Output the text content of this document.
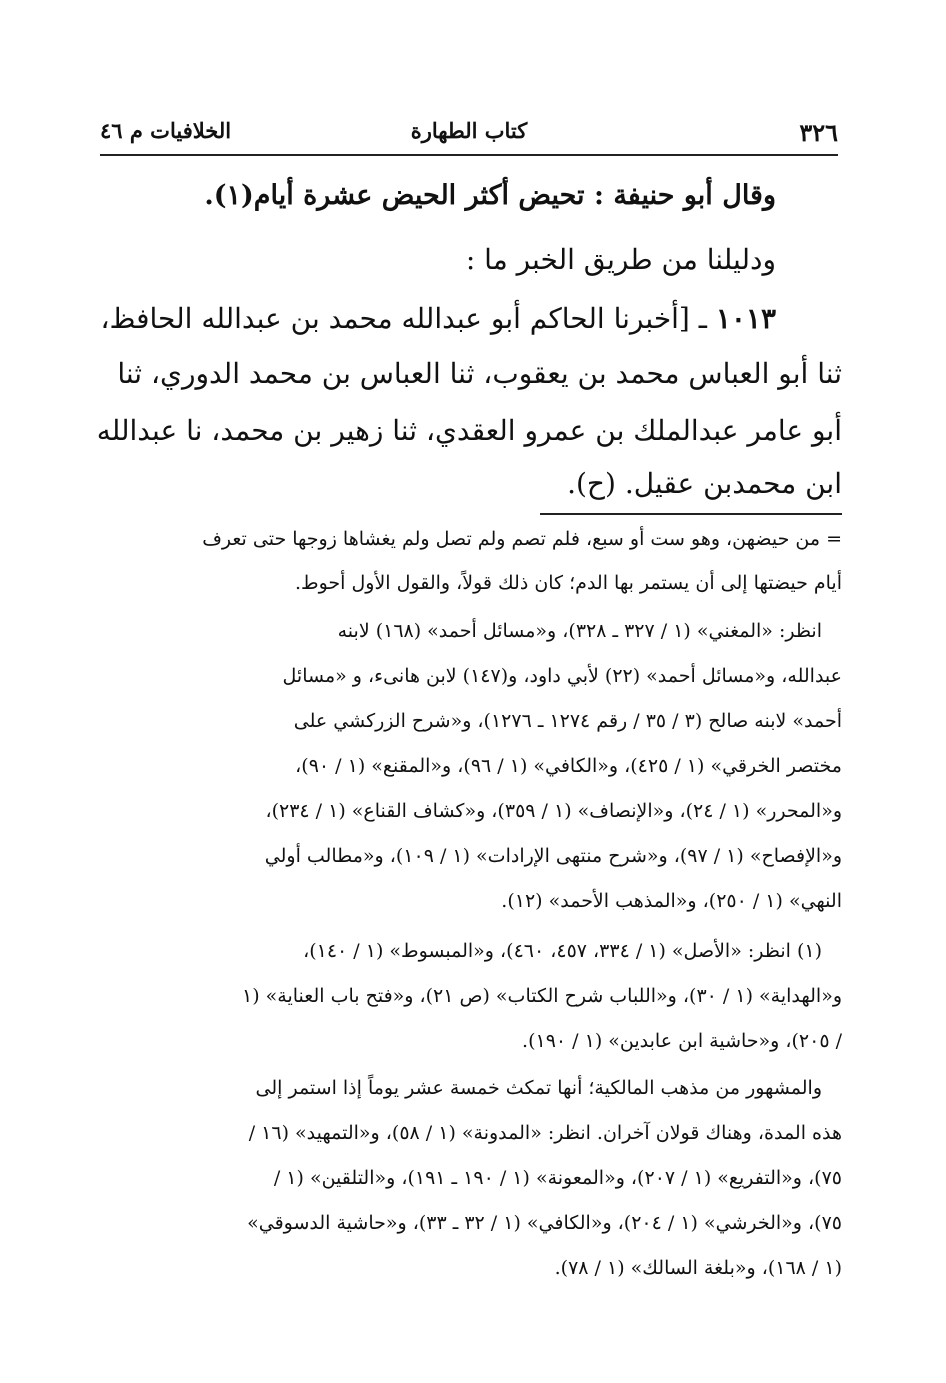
٣٢٦
كتاب الطهارة
الخلافيات م ٤٦
وقال أبو حنيفة : تحيض أكثر الحيض عشرة أيام(١).
ودليلنا من طريق الخبر ما :
١٠١٣ ـ [أخبرنا الحاكم أبو عبدالله محمد بن عبدالله الحافظ،
ثنا أبو العباس محمد بن يعقوب، ثنا العباس بن محمد الدوري، ثنا
أبو عامر عبدالملك بن عمرو العقدي، ثنا زهير بن محمد، نا عبدالله
ابن محمدبن عقيل. (ح).
= من حيضهن، وهو ست أو سبع، فلم تصم ولم تصل ولم يغشاها زوجها حتى تعرف
أيام حيضتها إلى أن يستمر بها الدم؛ كان ذلك قولاً، والقول الأول أحوط.
انظر: «المغني» (١ / ٣٢٧ ـ ٣٢٨)، و«مسائل أحمد» (١٦٨) لابنه
عبدالله، و«مسائل أحمد» (٢٢) لأبي داود، و(١٤٧) لابن هانىء، و «مسائل
أحمد» لابنه صالح (٣ / ٣٥ / رقم ١٢٧٤ ـ ١٢٧٦)، و«شرح الزركشي على
مختصر الخرقي» (١ / ٤٢٥)، و«الكافي» (١ / ٩٦)، و«المقنع» (١ / ٩٠)،
و«المحرر» (١ / ٢٤)، و«الإنصاف» (١ / ٣٥٩)، و«كشاف القناع» (١ / ٢٣٤)،
و«الإفصاح» (١ / ٩٧)، و«شرح منتهى الإرادات» (١ / ١٠٩)، و«مطالب أولي
النهي» (١ / ٢٥٠)، و«المذهب الأحمد» (١٢).
(١) انظر: «الأصل» (١ / ٣٣٤، ٤٥٧، ٤٦٠)، و«المبسوط» (١ / ١٤٠)،
و«الهداية» (١ / ٣٠)، و«اللباب شرح الكتاب» (ص ٢١)، و«فتح باب العناية» (١
/ ٢٠٥)، و«حاشية ابن عابدين» (١ / ١٩٠).
والمشهور من مذهب المالكية؛ أنها تمكث خمسة عشر يوماً إذا استمر إلى
هذه المدة، وهناك قولان آخران. انظر: «المدونة» (١ / ٥٨)، و«التمهيد» (١٦ /
٧٥)، و«التفريع» (١ / ٢٠٧)، و«المعونة» (١ / ١٩٠ ـ ١٩١)، و«التلقين» (١ /
٧٥)، و«الخرشي» (١ / ٢٠٤)، و«الكافي» (١ / ٣٢ ـ ٣٣)، و«حاشية الدسوقي»
(١ / ١٦٨)، و«بلغة السالك» (١ / ٧٨).
